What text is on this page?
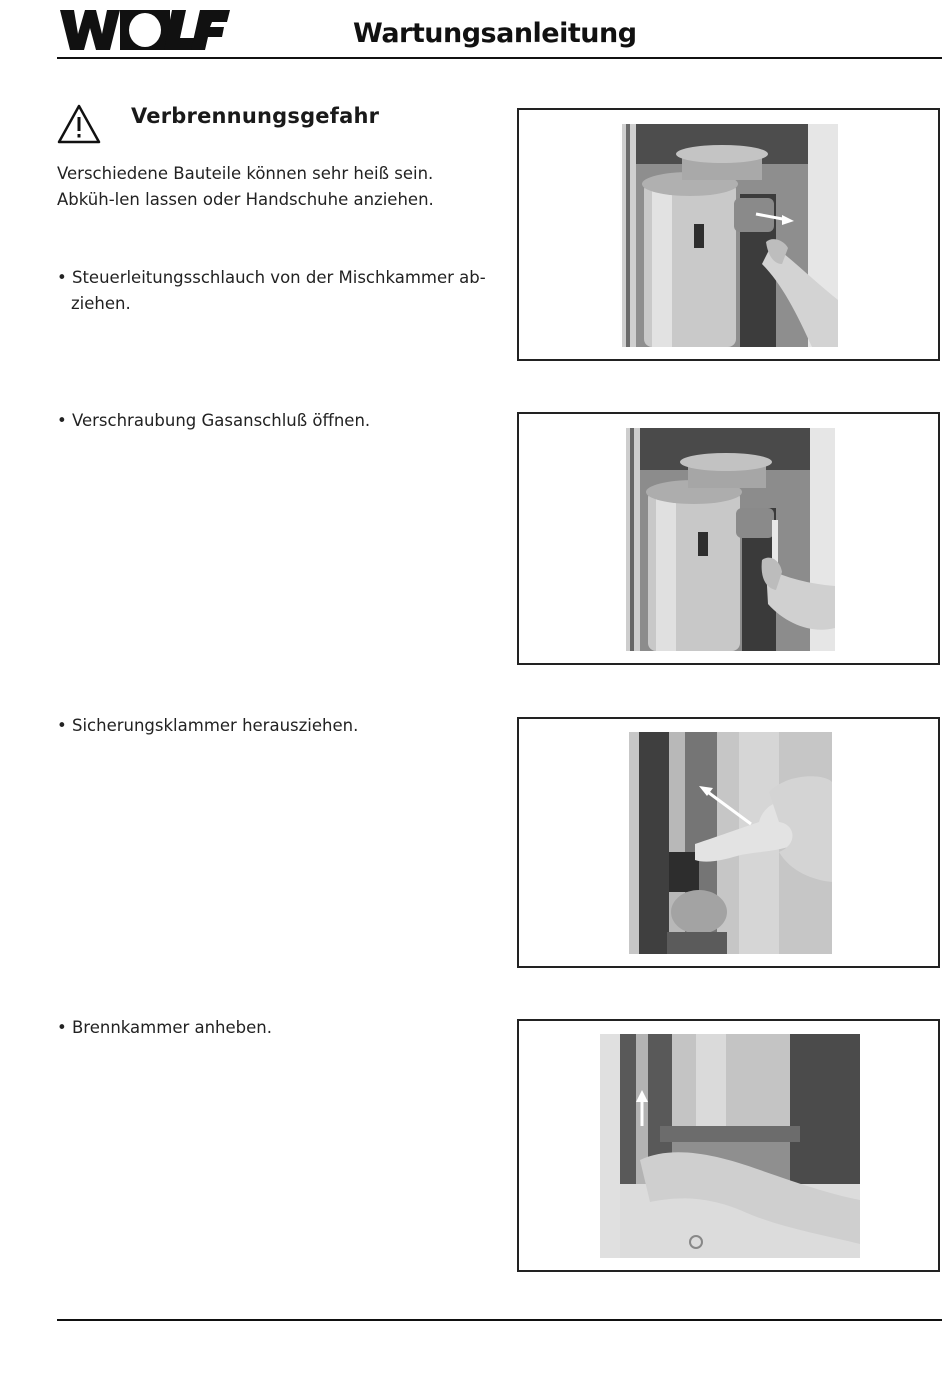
Wartungsanleitung
Verbrennungsgefahr
Verschiedene Bauteile können sehr heiß sein. Abküh-len lassen oder Handschuhe anziehen.
• Steuerleitungsschlauch von der Mischkammer ab-ziehen.
• Verschraubung Gasanschluß öffnen.
• Sicherungsklammer herausziehen.
• Brennkammer anheben.
